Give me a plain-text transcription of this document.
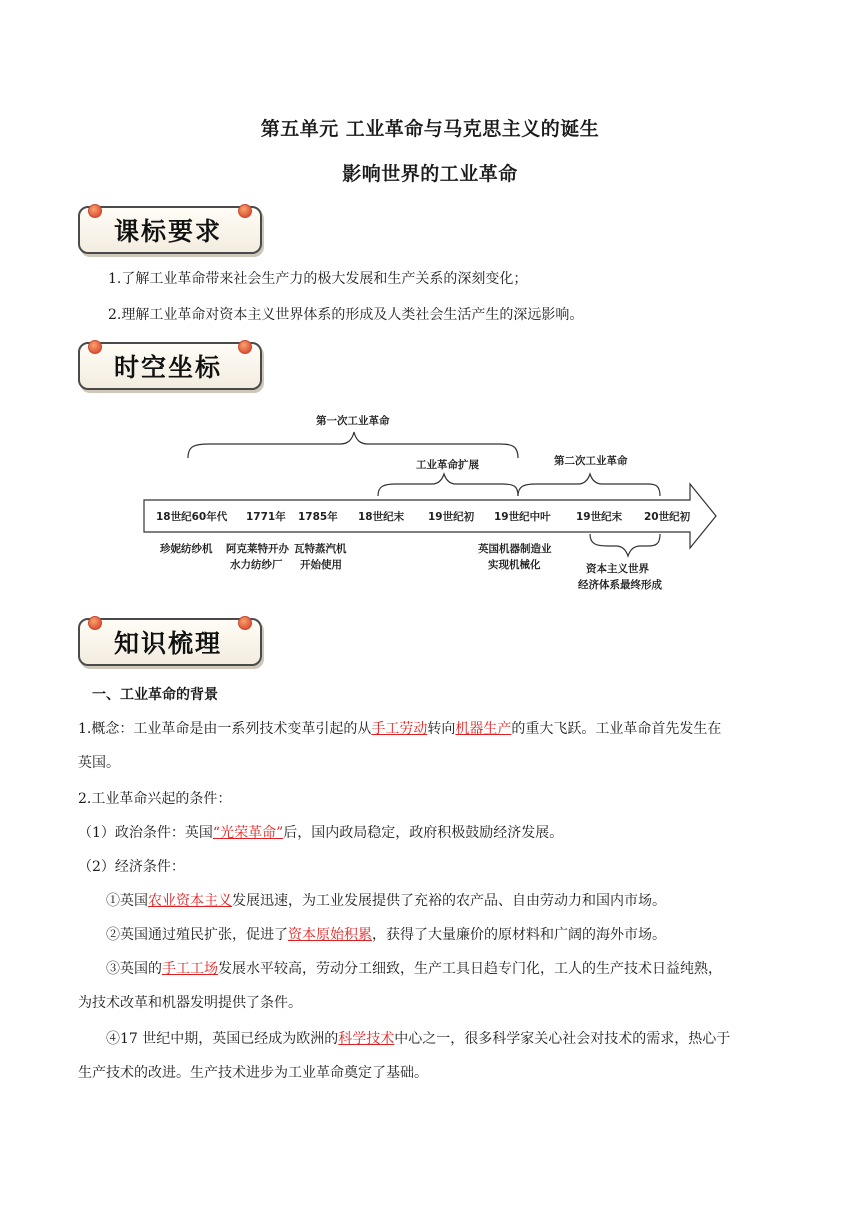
第五单元 工业革命与马克思主义的诞生
影响世界的工业革命
课标要求
1.了解工业革命带来社会生产力的极大发展和生产关系的深刻变化；
2.理解工业革命对资本主义世界体系的形成及人类社会生活产生的深远影响。
时空坐标
第一次工业革命
工业革命扩展	第二次工业革命
18世纪60年代 1771年 1785年 18世纪末 19世纪初 19世纪中叶 19世纪末 20世纪初
珍妮纺纱机 阿克莱特开办
水力纺纱厂
瓦特蒸汽机
开始使用
英国机器制造业
实现机械化	资本主义世界
经济体系最终形成
知识梳理
一、工业革命的背景
1.概念：工业革命是由一系列技术变革引起的从手工劳动转向机器生产的重大飞跃。工业革命首先发生在
英国。
2.工业革命兴起的条件：
（1）政治条件：英国“光荣革命”后，国内政局稳定，政府积极鼓励经济发展。
（2）经济条件：
①英国农业资本主义发展迅速，为工业发展提供了充裕的农产品、自由劳动力和国内市场。
②英国通过殖民扩张，促进了资本原始积累，获得了大量廉价的原材料和广阔的海外市场。
③英国的手工工场发展水平较高，劳动分工细致，生产工具日趋专门化，工人的生产技术日益纯熟，
为技术改革和机器发明提供了条件。
④17 世纪中期，英国已经成为欧洲的科学技术中心之一，很多科学家关心社会对技术的需求，热心于
生产技术的改进。生产技术进步为工业革命奠定了基础。
